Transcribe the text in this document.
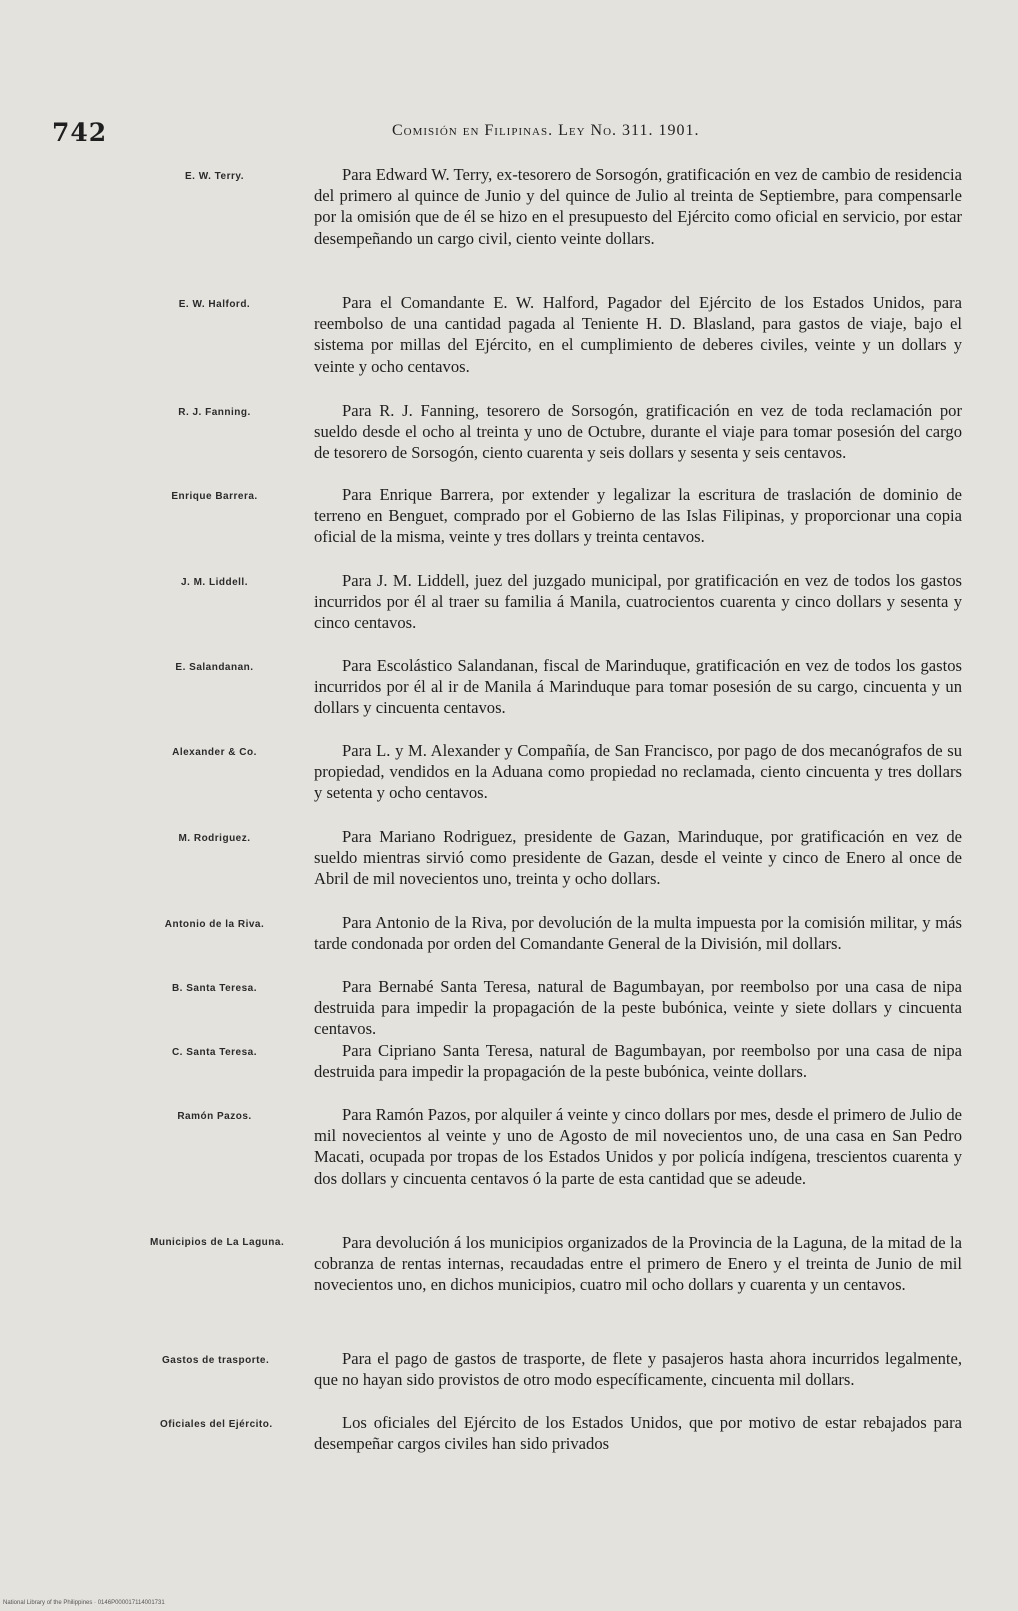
742	Comisión en Filipinas. Ley No. 311. 1901.
E. W. Terry.	Para Edward W. Terry, ex-tesorero de Sorsogón, gratificación en vez de cambio de residencia del primero al quince de Junio y del quince de Julio al treinta de Septiembre, para compensarle por la omisión que de él se hizo en el presupuesto del Ejército como oficial en servicio, por estar desempeñando un cargo civil, ciento veinte dollars.
E. W. Halford.	Para el Comandante E. W. Halford, Pagador del Ejército de los Estados Unidos, para reembolso de una cantidad pagada al Teniente H. D. Blasland, para gastos de viaje, bajo el sistema por millas del Ejército, en el cumplimiento de deberes civiles, veinte y un dollars y veinte y ocho centavos.
R. J. Fanning.	Para R. J. Fanning, tesorero de Sorsogón, gratificación en vez de toda reclamación por sueldo desde el ocho al treinta y uno de Octubre, durante el viaje para tomar posesión del cargo de tesorero de Sorsogón, ciento cuarenta y seis dollars y sesenta y seis centavos.
Enrique Barrera.	Para Enrique Barrera, por extender y legalizar la escritura de traslación de dominio de terreno en Benguet, comprado por el Gobierno de las Islas Filipinas, y proporcionar una copia oficial de la misma, veinte y tres dollars y treinta centavos.
J. M. Liddell.	Para J. M. Liddell, juez del juzgado municipal, por gratificación en vez de todos los gastos incurridos por él al traer su familia á Manila, cuatrocientos cuarenta y cinco dollars y sesenta y cinco centavos.
E. Salandanan.	Para Escolástico Salandanan, fiscal de Marinduque, gratificación en vez de todos los gastos incurridos por él al ir de Manila á Marinduque para tomar posesión de su cargo, cincuenta y un dollars y cincuenta centavos.
Alexander & Co.	Para L. y M. Alexander y Compañía, de San Francisco, por pago de dos mecanógrafos de su propiedad, vendidos en la Aduana como propiedad no reclamada, ciento cincuenta y tres dollars y setenta y ocho centavos.
M. Rodriguez.	Para Mariano Rodriguez, presidente de Gazan, Marinduque, por gratificación en vez de sueldo mientras sirvió como presidente de Gazan, desde el veinte y cinco de Enero al once de Abril de mil novecientos uno, treinta y ocho dollars.
Antonio de la Riva.	Para Antonio de la Riva, por devolución de la multa impuesta por la comisión militar, y más tarde condonada por orden del Comandante General de la División, mil dollars.
B. Santa Teresa.	Para Bernabé Santa Teresa, natural de Bagumbayan, por reembolso por una casa de nipa destruida para impedir la propagación de la peste bubónica, veinte y siete dollars y cincuenta centavos.
C. Santa Teresa.	Para Cipriano Santa Teresa, natural de Bagumbayan, por reembolso por una casa de nipa destruida para impedir la propagación de la peste bubónica, veinte dollars.
Ramón Pazos.	Para Ramón Pazos, por alquiler á veinte y cinco dollars por mes, desde el primero de Julio de mil novecientos al veinte y uno de Agosto de mil novecientos uno, de una casa en San Pedro Macati, ocupada por tropas de los Estados Unidos y por policía indígena, trescientos cuarenta y dos dollars y cincuenta centavos ó la parte de esta cantidad que se adeude.
Municipios de La Laguna.	Para devolución á los municipios organizados de la Provincia de la Laguna, de la mitad de la cobranza de rentas internas, recaudadas entre el primero de Enero y el treinta de Junio de mil novecientos uno, en dichos municipios, cuatro mil ocho dollars y cuarenta y un centavos.
Gastos de trasporte.	Para el pago de gastos de trasporte, de flete y pasajeros hasta ahora incurridos legalmente, que no hayan sido provistos de otro modo específicamente, cincuenta mil dollars.
Oficiales del Ejército.	Los oficiales del Ejército de los Estados Unidos, que por motivo de estar rebajados para desempeñar cargos civiles han sido privados
National Library of the Philippines · 0146P000017114001731
